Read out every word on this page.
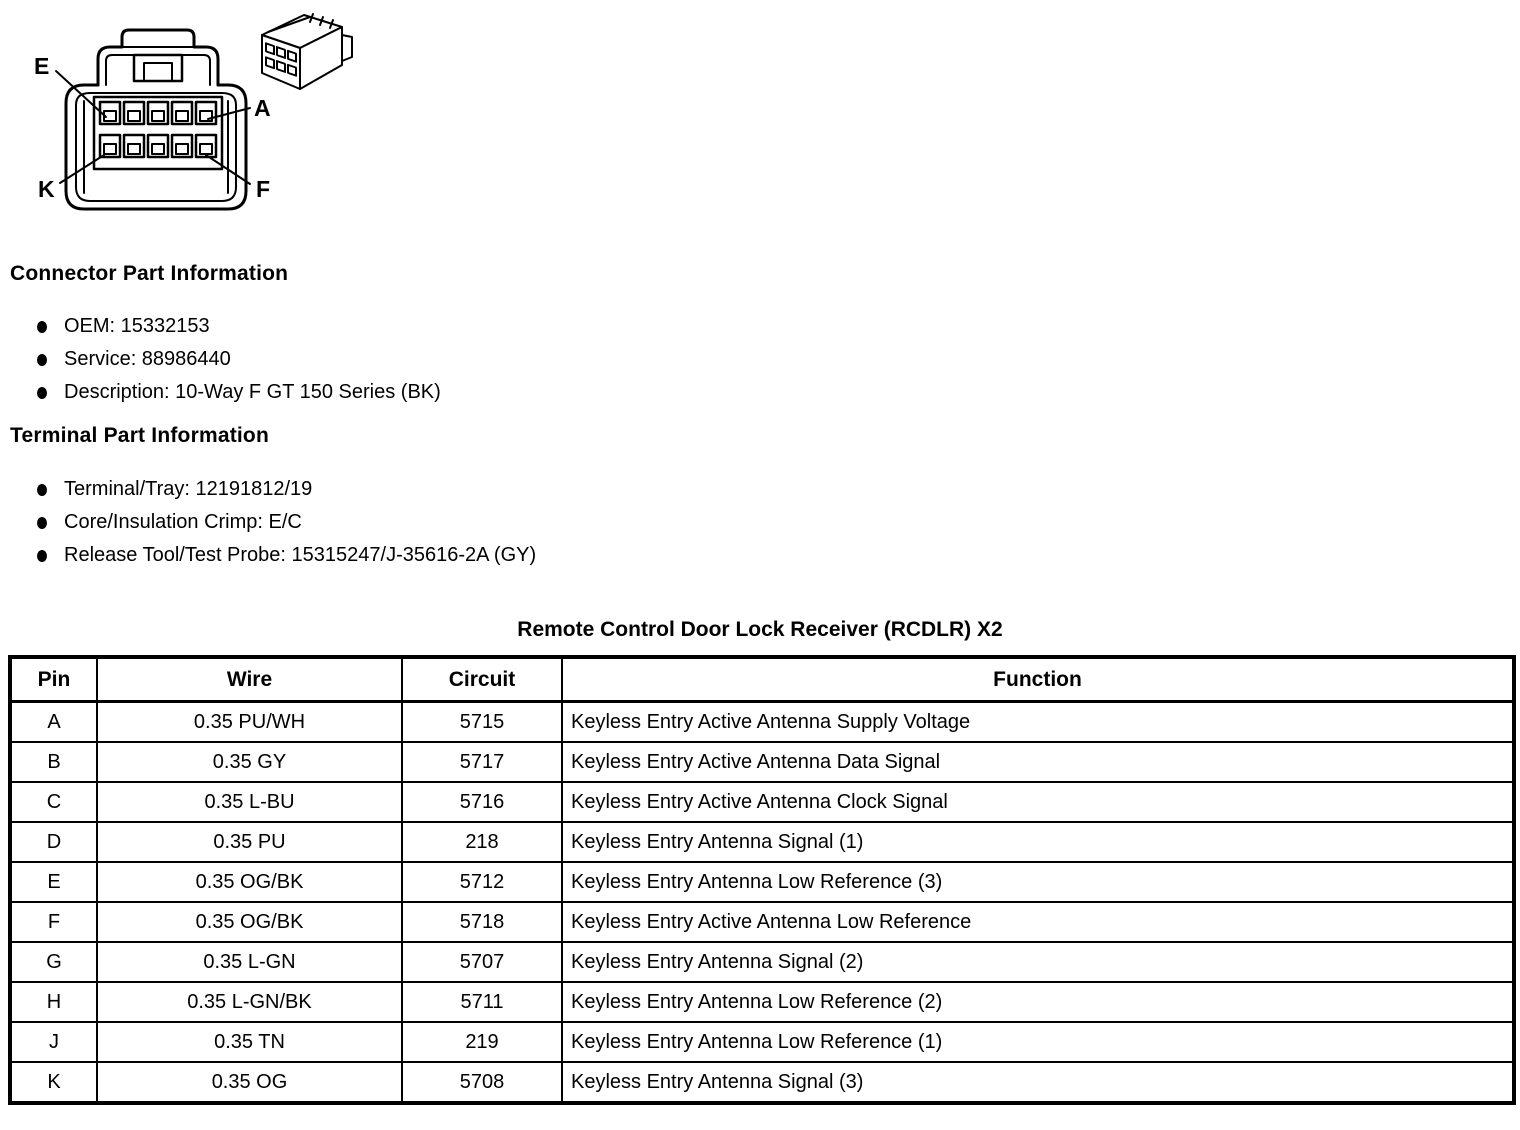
E
A
K	F
Connector Part Information
OEM: 15332153
Service: 88986440
Description: 10-Way F GT 150 Series (BK)
Terminal Part Information
Terminal/Tray: 12191812/19
Core/Insulation Crimp: E/C
Release Tool/Test Probe: 15315247/J-35616-2A (GY)
Remote Control Door Lock Receiver (RCDLR) X2
Pin	Wire	Circuit	Function
A	0.35 PU/WH	5715	Keyless Entry Active Antenna Supply Voltage
B	0.35 GY	5717	Keyless Entry Active Antenna Data Signal
C	0.35 L-BU	5716	Keyless Entry Active Antenna Clock Signal
D	0.35 PU	218	Keyless Entry Antenna Signal (1)
E	0.35 OG/BK	5712	Keyless Entry Antenna Low Reference (3)
F	0.35 OG/BK	5718	Keyless Entry Active Antenna Low Reference
G	0.35 L-GN	5707	Keyless Entry Antenna Signal (2)
H	0.35 L-GN/BK	5711	Keyless Entry Antenna Low Reference (2)
J	0.35 TN	219	Keyless Entry Antenna Low Reference (1)
K	0.35 OG	5708	Keyless Entry Antenna Signal (3)
